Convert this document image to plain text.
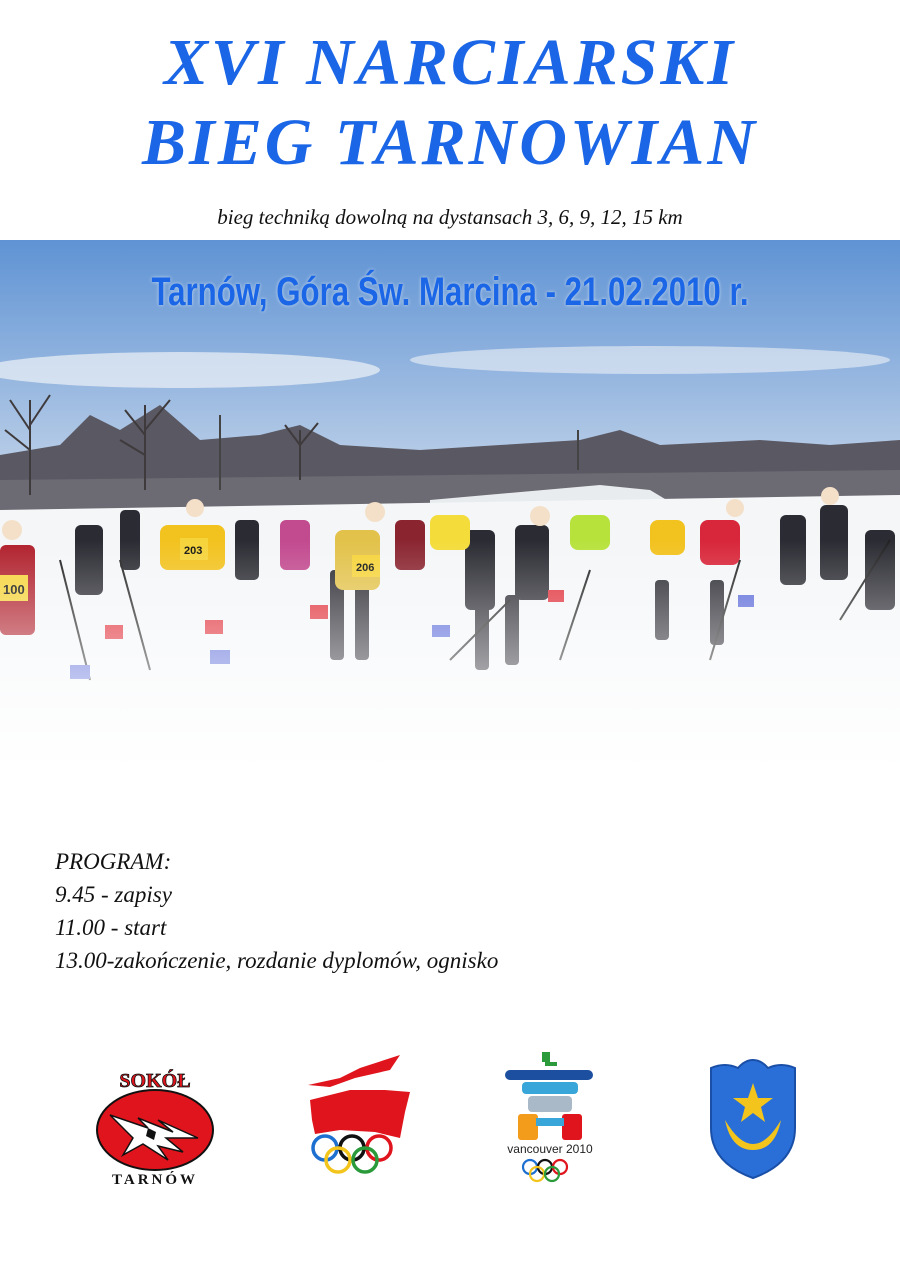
XVI NARCIARSKI
BIEG TARNOWIAN
bieg techniką dowolną na dystansach 3, 6, 9, 12, 15 km
Tarnów, Góra Św. Marcina - 21.02.2010 r.
PROGRAM:
9.45 - zapisy
11.00 - start
13.00-zakończenie, rozdanie dyplomów, ognisko
SOKÓŁ
TARNÓW
vancouver 2010
